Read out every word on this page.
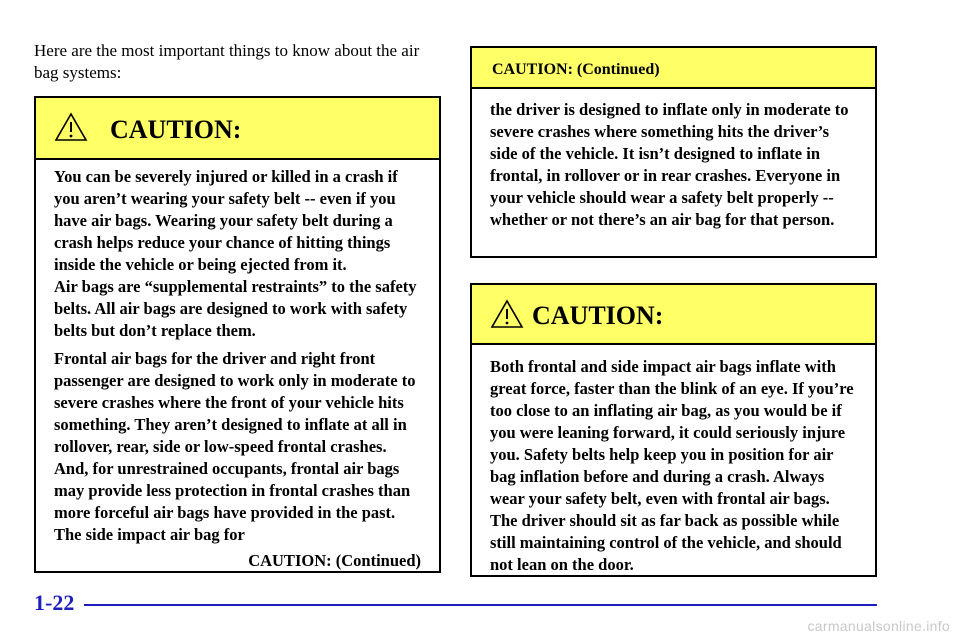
Here are the most important things to know about the air bag systems:
CAUTION:

You can be severely injured or killed in a crash if you aren’t wearing your safety belt -- even if you have air bags. Wearing your safety belt during a crash helps reduce your chance of hitting things inside the vehicle or being ejected from it.

Air bags are “supplemental restraints” to the safety belts. All air bags are designed to work with safety belts but don’t replace them.

Frontal air bags for the driver and right front passenger are designed to work only in moderate to severe crashes where the front of your vehicle hits something. They aren’t designed to inflate at all in rollover, rear, side or low-speed frontal crashes. And, for unrestrained occupants, frontal air bags may provide less protection in frontal crashes than more forceful air bags have provided in the past. The side impact air bag for

CAUTION: (Continued)

CAUTION: (Continued)

the driver is designed to inflate only in moderate to severe crashes where something hits the driver’s side of the vehicle. It isn’t designed to inflate in frontal, in rollover or in rear crashes. Everyone in your vehicle should wear a safety belt properly -- whether or not there’s an air bag for that person.

CAUTION:

Both frontal and side impact air bags inflate with great force, faster than the blink of an eye. If you’re too close to an inflating air bag, as you would be if you were leaning forward, it could seriously injure you. Safety belts help keep you in position for air bag inflation before and during a crash. Always wear your safety belt, even with frontal air bags. The driver should sit as far back as possible while still maintaining control of the vehicle, and should not lean on the door.

1-22
carmanualsonline.info
